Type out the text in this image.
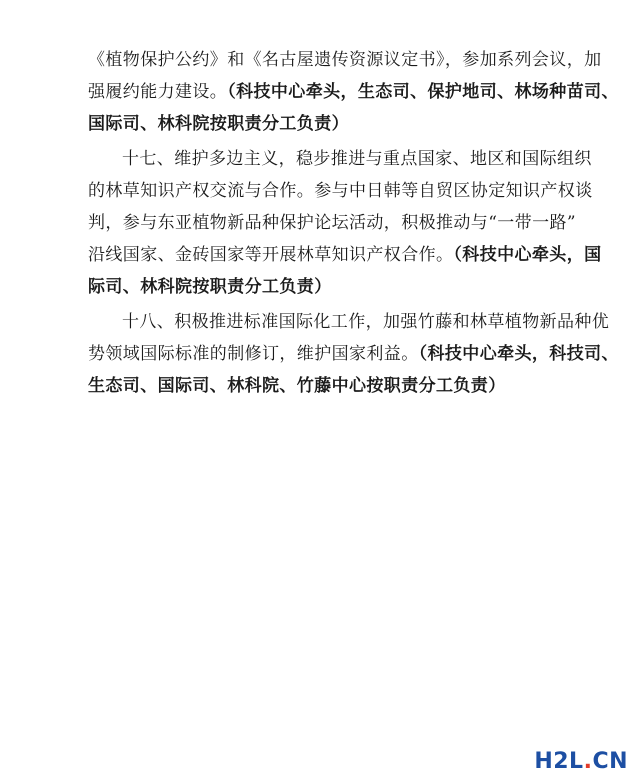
《植物保护公约》和《名古屋遗传资源议定书》，参加系列会议，加
强履约能力建设。（科技中心牵头，生态司、保护地司、林场种苗司、
国际司、林科院按职责分工负责）

十七、维护多边主义，稳步推进与重点国家、地区和国际组织
的林草知识产权交流与合作。参与中日韩等自贸区协定知识产权谈
判，参与东亚植物新品种保护论坛活动，积极推动与“一带一路”
沿线国家、金砖国家等开展林草知识产权合作。（科技中心牵头，国
际司、林科院按职责分工负责）

十八、积极推进标准国际化工作，加强竹藤和林草植物新品种优
势领域国际标准的制修订，维护国家利益。（科技中心牵头，科技司、
生态司、国际司、林科院、竹藤中心按职责分工负责）

H2L.CN
